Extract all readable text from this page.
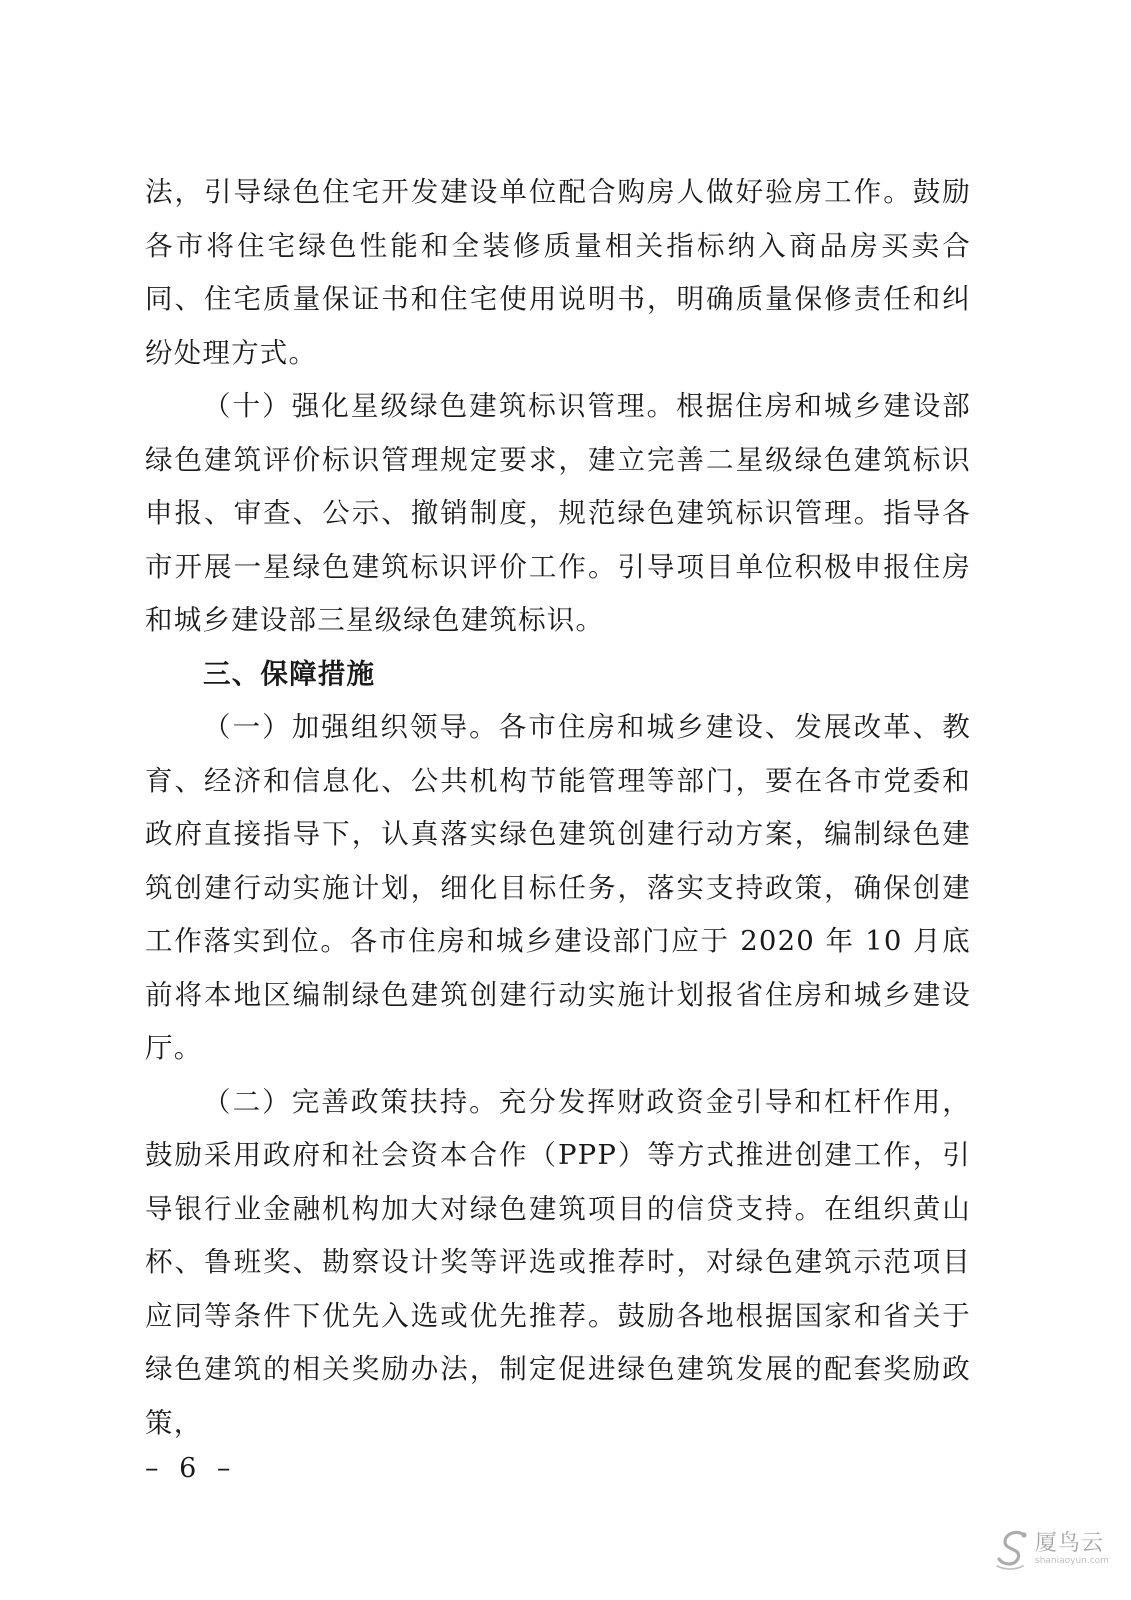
法，引导绿色住宅开发建设单位配合购房人做好验房工作。鼓励各市将住宅绿色性能和全装修质量相关指标纳入商品房买卖合同、住宅质量保证书和住宅使用说明书，明确质量保修责任和纠纷处理方式。

（十）强化星级绿色建筑标识管理。根据住房和城乡建设部绿色建筑评价标识管理规定要求，建立完善二星级绿色建筑标识申报、审查、公示、撤销制度，规范绿色建筑标识管理。指导各市开展一星绿色建筑标识评价工作。引导项目单位积极申报住房和城乡建设部三星级绿色建筑标识。

三、保障措施

（一）加强组织领导。各市住房和城乡建设、发展改革、教育、经济和信息化、公共机构节能管理等部门，要在各市党委和政府直接指导下，认真落实绿色建筑创建行动方案，编制绿色建筑创建行动实施计划，细化目标任务，落实支持政策，确保创建工作落实到位。各市住房和城乡建设部门应于 2020 年 10 月底前将本地区编制绿色建筑创建行动实施计划报省住房和城乡建设厅。

（二）完善政策扶持。充分发挥财政资金引导和杠杆作用，鼓励采用政府和社会资本合作（PPP）等方式推进创建工作，引导银行业金融机构加大对绿色建筑项目的信贷支持。在组织黄山杯、鲁班奖、勘察设计奖等评选或推荐时，对绿色建筑示范项目应同等条件下优先入选或优先推荐。鼓励各地根据国家和省关于绿色建筑的相关奖励办法，制定促进绿色建筑发展的配套奖励政策，

– 6 –
厦鸟云
shaniaoyun.com
